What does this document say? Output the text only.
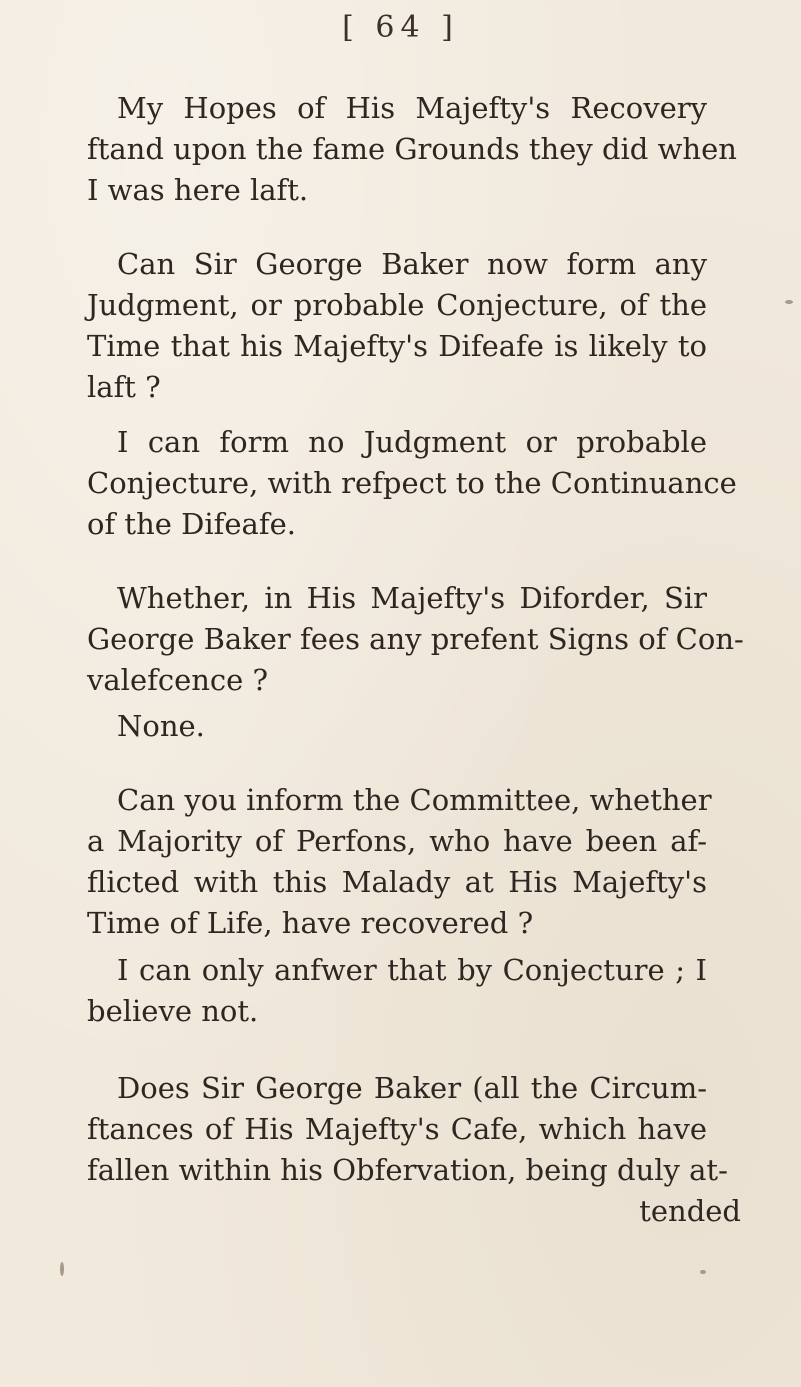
[ 64 ]
My Hopes of His Majefty's Recovery
ftand upon the fame Grounds they did when
I was here laft.
Can Sir George Baker now form any
Judgment, or probable Conjecture, of the
Time that his Majefty's Difeafe is likely to
laft ?
I can form no Judgment or probable
Conjecture, with refpect to the Continuance
of the Difeafe.
Whether, in His Majefty's Diforder, Sir
George Baker fees any prefent Signs of Con-
valefcence ?
None.
Can you inform the Committee, whether
a Majority of Perfons, who have been af-
flicted with this Malady at His Majefty's
Time of Life, have recovered ?
I can only anfwer that by Conjecture ; I
believe not.
Does Sir George Baker (all the Circum-
ftances of His Majefty's Cafe, which have
fallen within his Obfervation, being duly at-
tended
